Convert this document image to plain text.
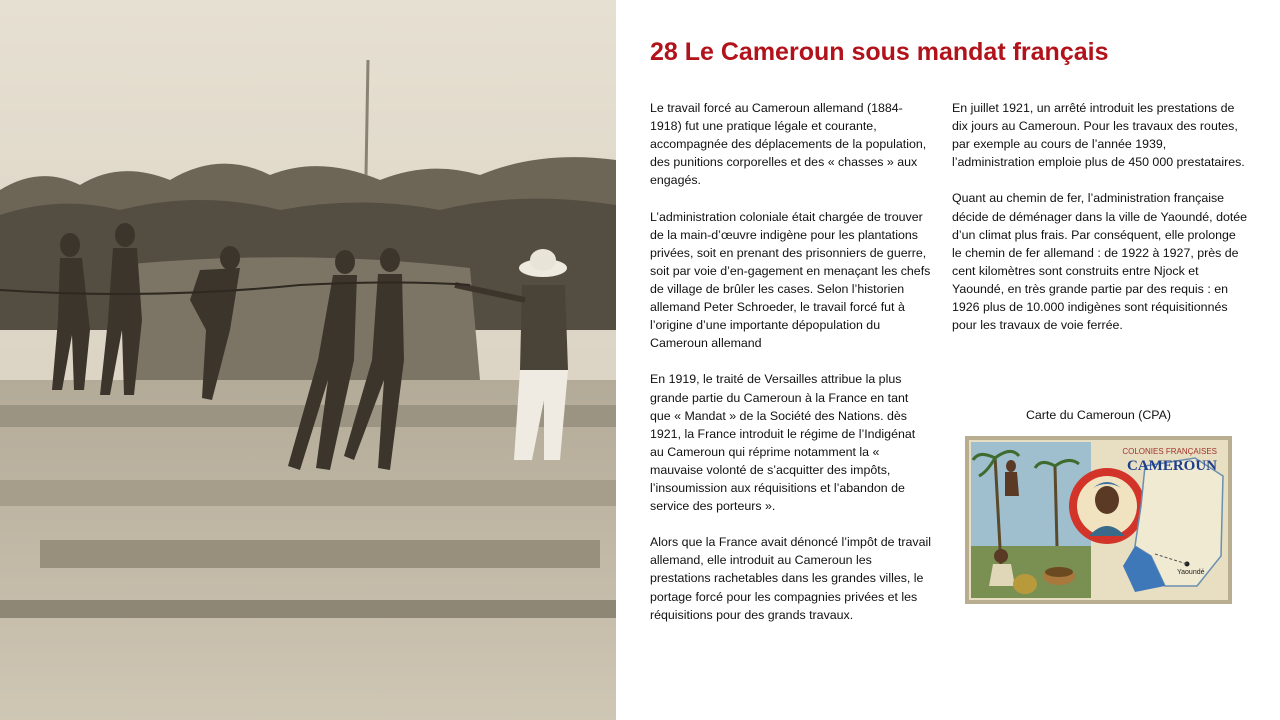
28 Le Cameroun sous mandat français

Le travail forcé au Cameroun allemand (1884-1918) fut une pratique légale et courante, accompagnée des déplacements de la population, des punitions corporelles et des « chasses » aux engagés.

L’administration coloniale était chargée de trouver de la main-d’œuvre indigène pour les plantations privées, soit en prenant des prisonniers de guerre, soit par voie d’en-gagement en menaçant les chefs de village de brûler les cases. Selon l’historien allemand Peter Schroeder, le travail forcé fut à l’origine d’une importante dépopulation du Cameroun allemand

En 1919, le traité de Versailles attribue la plus grande partie du Cameroun à la France en tant que « Mandat » de la Société des Nations. dès 1921, la France introduit le régime de l’Indigénat au Cameroun qui réprime notamment la « mauvaise volonté de s’acquitter des impôts, l’insoumission aux réquisitions et l’abandon de service des porteurs ».

Alors que la France avait dénoncé l’impôt de travail allemand, elle introduit au Cameroun les prestations rachetables dans les grandes villes, le portage forcé pour les compagnies privées et les réquisitions pour des grands travaux.

En juillet 1921, un arrêté introduit les prestations de dix jours au Cameroun. Pour les travaux des routes, par exemple au cours de l’année 1939, l’administration emploie plus de 450 000 prestataires.

Quant au chemin de fer, l’administration française décide de déménager dans la ville de Yaoundé, dotée d’un climat plus frais. Par conséquent, elle prolonge le chemin de fer allemand : de 1922 à 1927, près de cent kilomètres sont construits entre Njock et Yaoundé, en très grande partie par des requis : en 1926 plus de 10.000 indigènes sont réquisitionnés pour les travaux de voie ferrée.

Carte du Cameroun (CPA)
COLONIES FRANÇAISES
CAMEROUN
Yaoundé
